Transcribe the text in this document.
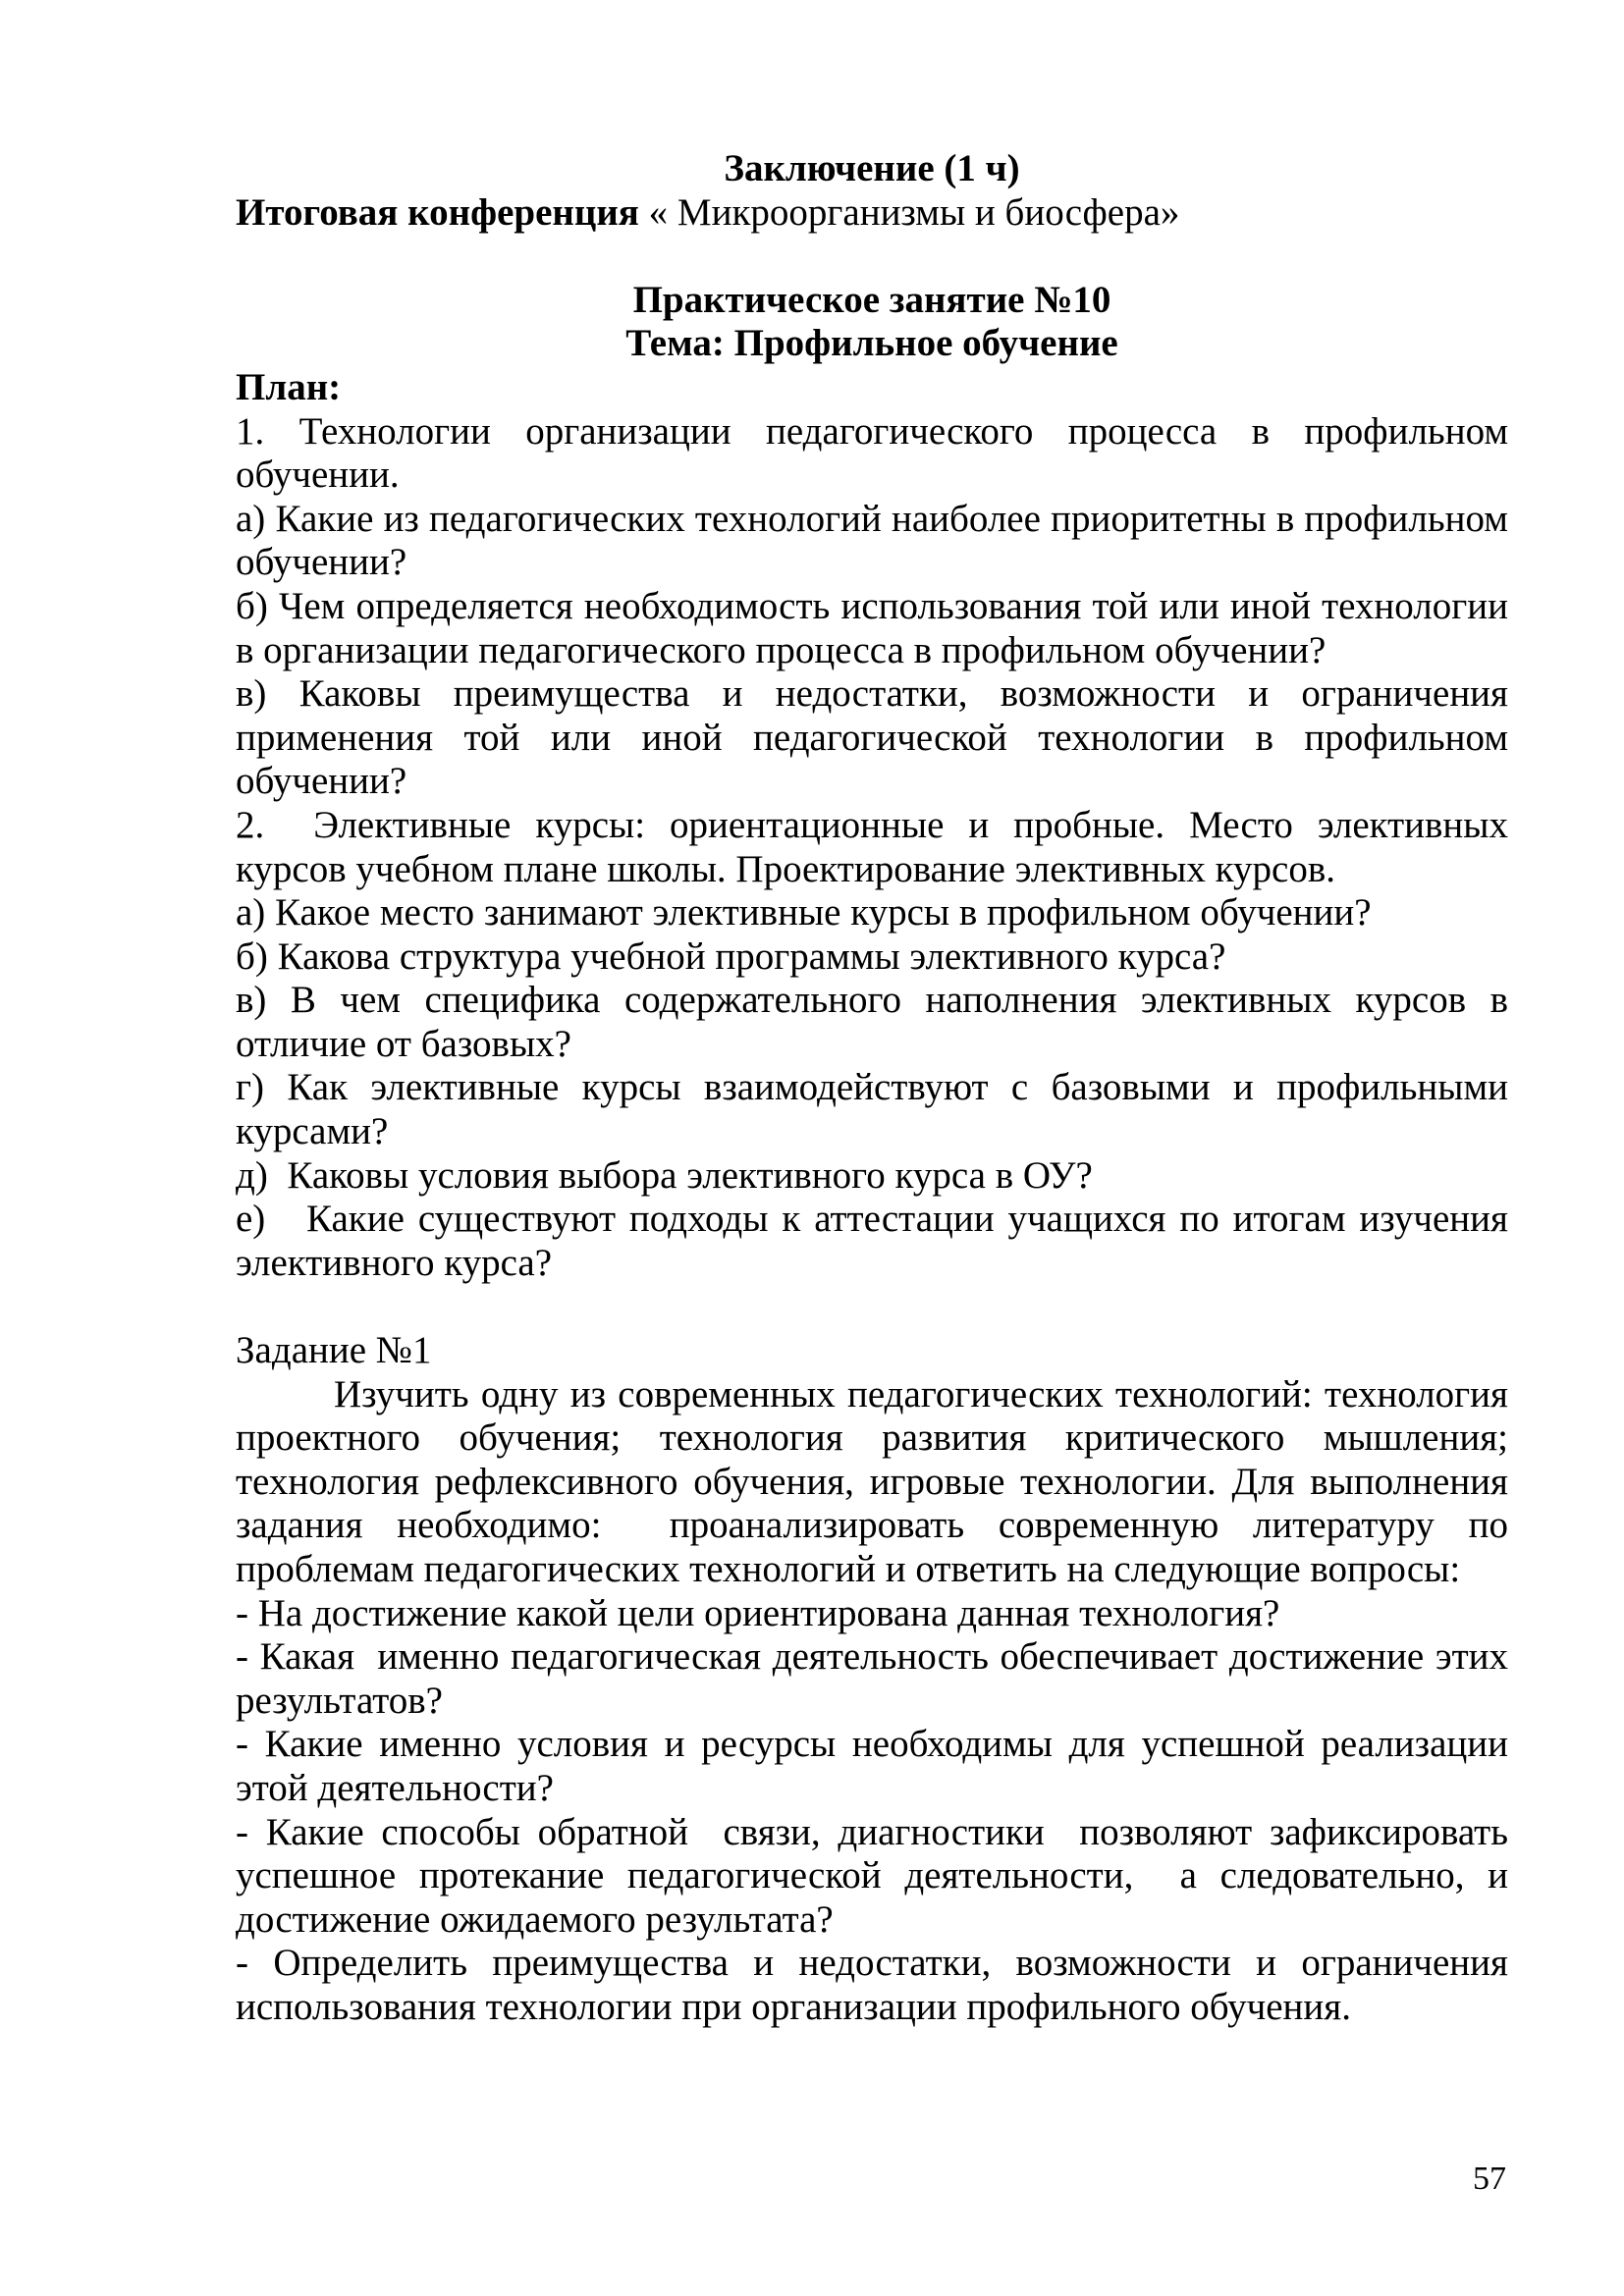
Заключение (1 ч)

Итоговая конференция « Микроорганизмы и биосфера»

Практическое занятие №10

Тема: Профильное обучение

План:

1. Технологии организации педагогического процесса в профильном обучении.

а) Какие из педагогических технологий наиболее приоритетны в профильном обучении?

б) Чем определяется необходимость использования той или иной технологии в организации педагогического процесса в профильном обучении?

в) Каковы преимущества и недостатки, возможности и ограничения применения той или иной педагогической технологии в профильном обучении?

2.  Элективные курсы: ориентационные и пробные. Место элективных курсов учебном плане школы. Проектирование элективных курсов.

а) Какое место занимают элективные курсы в профильном обучении?

б) Какова структура учебной программы элективного курса?

в) В чем специфика содержательного наполнения элективных курсов в отличие от базовых?

г) Как элективные курсы взаимодействуют с базовыми и профильными курсами?

д)  Каковы условия выбора элективного курса в ОУ?

е)   Какие существуют подходы к аттестации учащихся по итогам изучения элективного курса?

Задание №1

Изучить одну из современных педагогических технологий: технология проектного обучения; технология развития критического мышления; технология рефлексивного обучения, игровые технологии. Для выполнения задания необходимо:  проанализировать современную литературу по проблемам педагогических технологий и ответить на следующие вопросы:

- На достижение какой цели ориентирована данная технология?

- Какая  именно педагогическая деятельность обеспечивает достижение этих результатов?

- Какие именно условия и ресурсы необходимы для успешной реализации этой деятельности?

- Какие способы обратной  связи, диагностики  позволяют зафиксировать успешное протекание педагогической деятельности,  а следовательно, и достижение ожидаемого результата?

- Определить преимущества и недостатки, возможности и ограничения использования технологии при организации профильного обучения.

57
